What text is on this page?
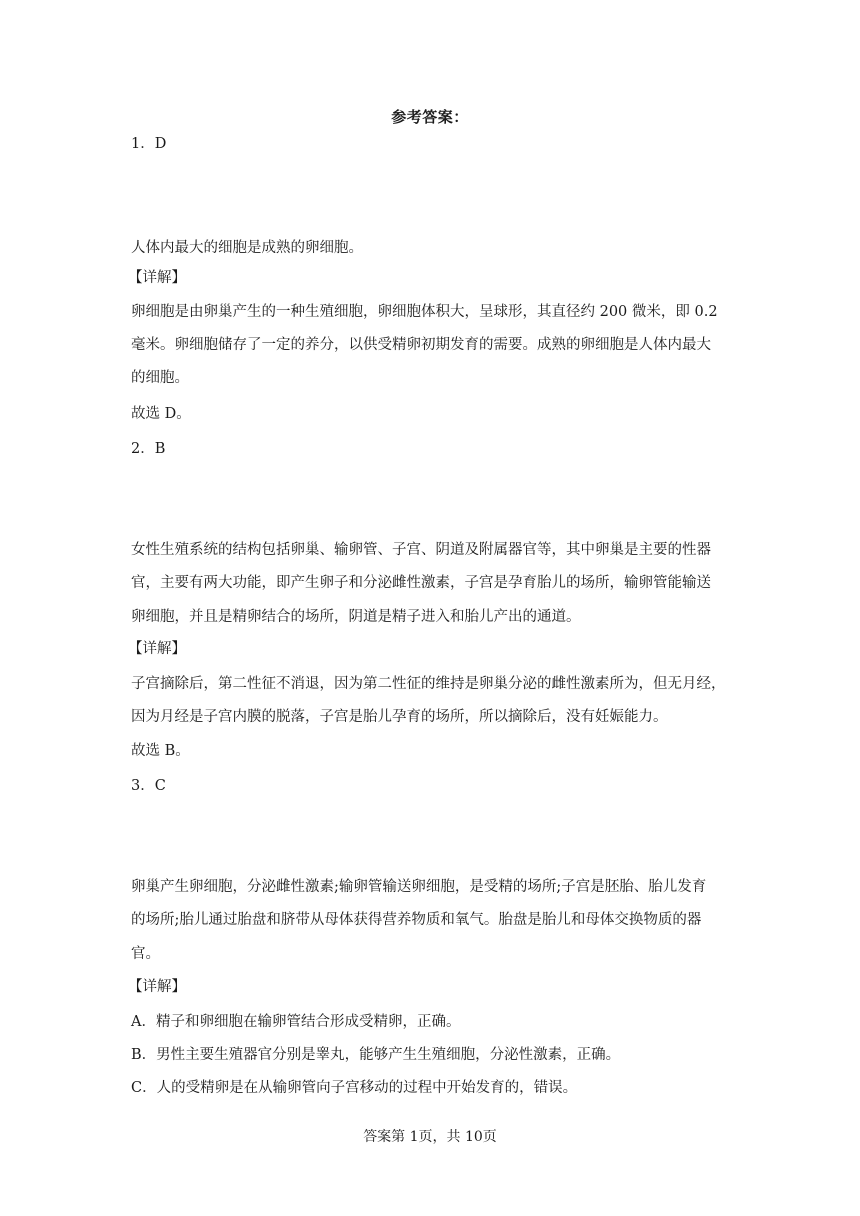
参考答案：
1．D
人体内最大的细胞是成熟的卵细胞。
【详解】
卵细胞是由卵巢产生的一种生殖细胞，卵细胞体积大，呈球形，其直径约 200 微米，即 0.2
毫米。卵细胞储存了一定的养分，以供受精卵初期发育的需要。成熟的卵细胞是人体内最大
的细胞。
故选 D。
2．B
女性生殖系统的结构包括卵巢、输卵管、子宫、阴道及附属器官等，其中卵巢是主要的性器
官，主要有两大功能，即产生卵子和分泌雌性激素，子宫是孕育胎儿的场所，输卵管能输送
卵细胞，并且是精卵结合的场所，阴道是精子进入和胎儿产出的通道。
【详解】
子宫摘除后，第二性征不消退，因为第二性征的维持是卵巢分泌的雌性激素所为，但无月经，
因为月经是子宫内膜的脱落，子宫是胎儿孕育的场所，所以摘除后，没有妊娠能力。
故选 B。
3．C
卵巢产生卵细胞，分泌雌性激素;输卵管输送卵细胞，是受精的场所;子宫是胚胎、胎儿发育
的场所;胎儿通过胎盘和脐带从母体获得营养物质和氧气。胎盘是胎儿和母体交换物质的器
官。
【详解】
A．精子和卵细胞在输卵管结合形成受精卵，正确。
B．男性主要生殖器官分别是睾丸，能够产生生殖细胞，分泌性激素，正确。
C．人的受精卵是在从输卵管向子宫移动的过程中开始发育的，错误。
答案第 1页，共 10页
